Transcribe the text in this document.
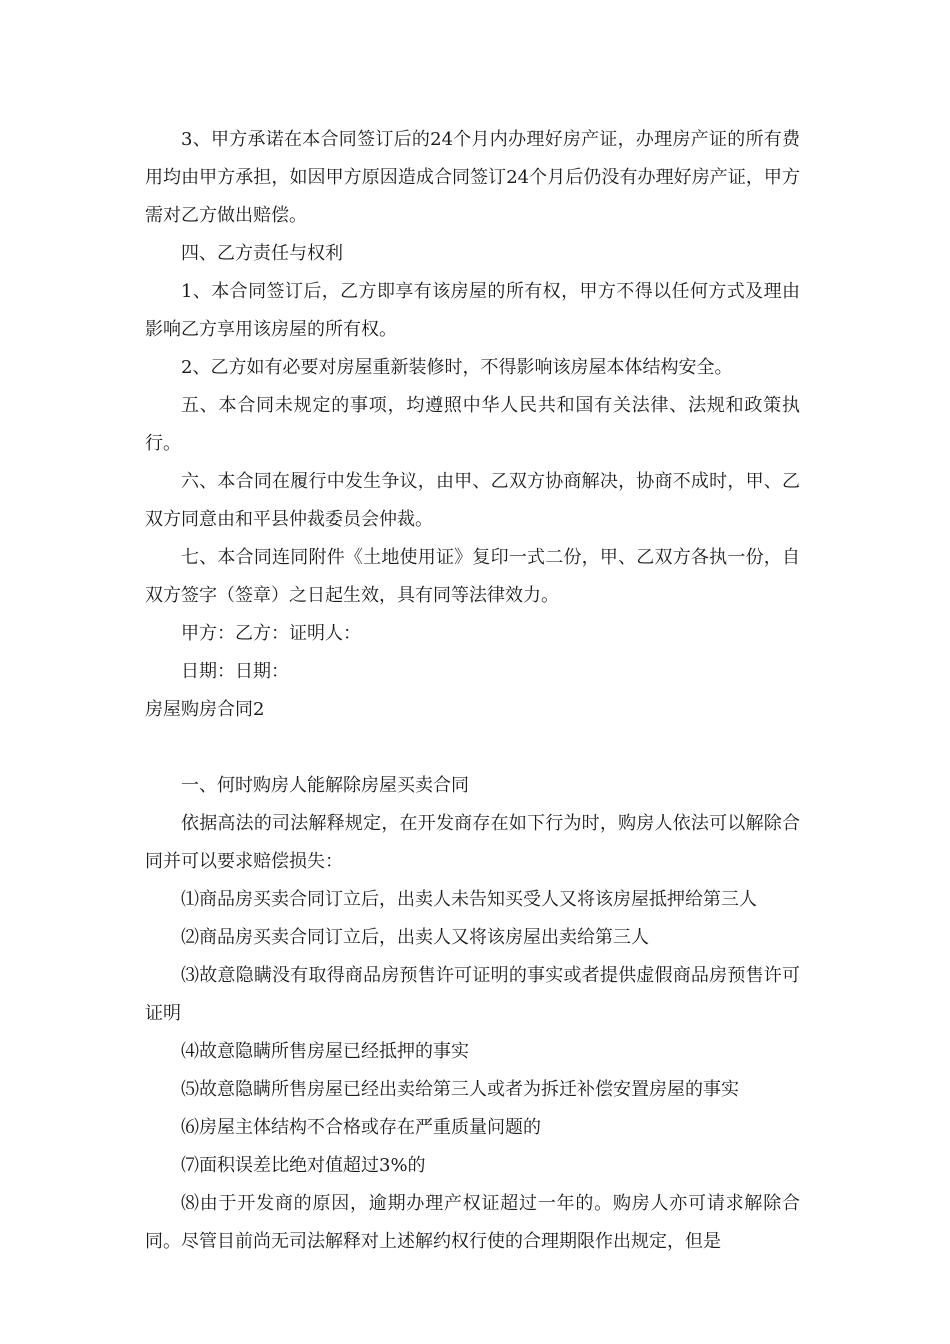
3、甲方承诺在本合同签订后的24个月内办理好房产证，办理房产证的所有费用均由甲方承担，如因甲方原因造成合同签订24个月后仍没有办理好房产证，甲方需对乙方做出赔偿。

四、乙方责任与权利

1、本合同签订后，乙方即享有该房屋的所有权，甲方不得以任何方式及理由影响乙方享用该房屋的所有权。

2、乙方如有必要对房屋重新装修时，不得影响该房屋本体结构安全。

五、本合同未规定的事项，均遵照中华人民共和国有关法律、法规和政策执行。

六、本合同在履行中发生争议，由甲、乙双方协商解决，协商不成时，甲、乙双方同意由和平县仲裁委员会仲裁。

七、本合同连同附件《土地使用证》复印一式二份，甲、乙双方各执一份，自双方签字（签章）之日起生效，具有同等法律效力。

甲方：乙方：证明人：

日期：日期：

房屋购房合同2

一、何时购房人能解除房屋买卖合同

依据高法的司法解释规定，在开发商存在如下行为时，购房人依法可以解除合同并可以要求赔偿损失：

⑴商品房买卖合同订立后，出卖人未告知买受人又将该房屋抵押给第三人

⑵商品房买卖合同订立后，出卖人又将该房屋出卖给第三人

⑶故意隐瞒没有取得商品房预售许可证明的事实或者提供虚假商品房预售许可证明

⑷故意隐瞒所售房屋已经抵押的事实

⑸故意隐瞒所售房屋已经出卖给第三人或者为拆迁补偿安置房屋的事实

⑹房屋主体结构不合格或存在严重质量问题的

⑺面积误差比绝对值超过3%的

⑻由于开发商的原因，逾期办理产权证超过一年的。购房人亦可请求解除合同。尽管目前尚无司法解释对上述解约权行使的合理期限作出规定，但是
